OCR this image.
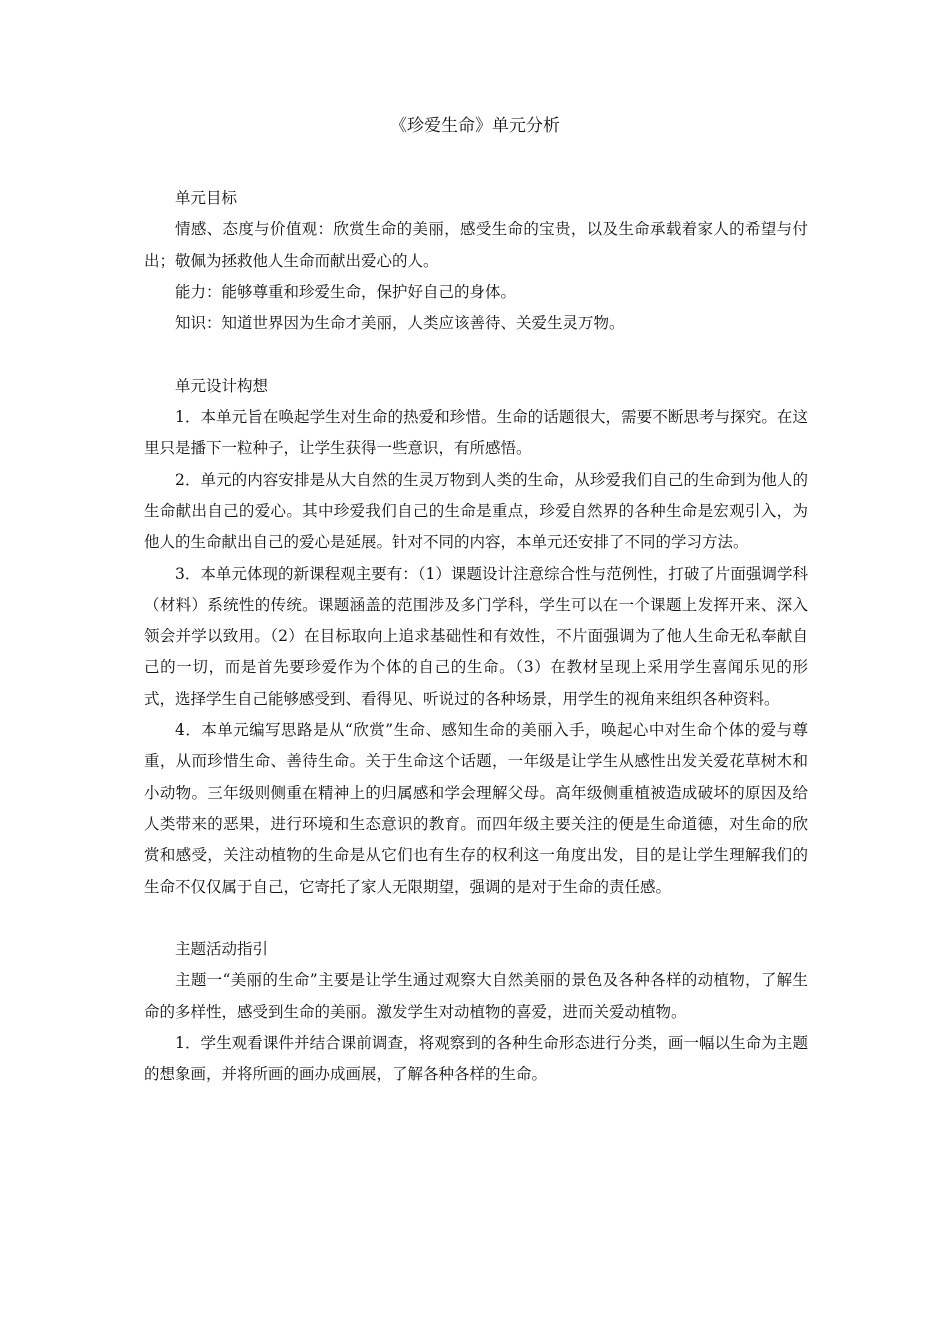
《珍爱生命》单元分析

单元目标

情感、态度与价值观：欣赏生命的美丽，感受生命的宝贵，以及生命承载着家人的希望与付出；敬佩为拯救他人生命而献出爱心的人。

能力：能够尊重和珍爱生命，保护好自己的身体。

知识：知道世界因为生命才美丽，人类应该善待、关爱生灵万物。

单元设计构想

1．本单元旨在唤起学生对生命的热爱和珍惜。生命的话题很大，需要不断思考与探究。在这里只是播下一粒种子，让学生获得一些意识，有所感悟。

2．单元的内容安排是从大自然的生灵万物到人类的生命，从珍爱我们自己的生命到为他人的生命献出自己的爱心。其中珍爱我们自己的生命是重点，珍爱自然界的各种生命是宏观引入，为他人的生命献出自己的爱心是延展。针对不同的内容，本单元还安排了不同的学习方法。

3．本单元体现的新课程观主要有：（1）课题设计注意综合性与范例性，打破了片面强调学科（材料）系统性的传统。课题涵盖的范围涉及多门学科，学生可以在一个课题上发挥开来、深入领会并学以致用。（2）在目标取向上追求基础性和有效性，不片面强调为了他人生命无私奉献自己的一切，而是首先要珍爱作为个体的自己的生命。（3）在教材呈现上采用学生喜闻乐见的形式，选择学生自己能够感受到、看得见、听说过的各种场景，用学生的视角来组织各种资料。

4．本单元编写思路是从“欣赏”生命、感知生命的美丽入手，唤起心中对生命个体的爱与尊重，从而珍惜生命、善待生命。关于生命这个话题，一年级是让学生从感性出发关爱花草树木和小动物。三年级则侧重在精神上的归属感和学会理解父母。高年级侧重植被造成破坏的原因及给人类带来的恶果，进行环境和生态意识的教育。而四年级主要关注的便是生命道德，对生命的欣赏和感受，关注动植物的生命是从它们也有生存的权利这一角度出发，目的是让学生理解我们的生命不仅仅属于自己，它寄托了家人无限期望，强调的是对于生命的责任感。

主题活动指引

主题一“美丽的生命”主要是让学生通过观察大自然美丽的景色及各种各样的动植物，了解生命的多样性，感受到生命的美丽。激发学生对动植物的喜爱，进而关爱动植物。

1．学生观看课件并结合课前调查，将观察到的各种生命形态进行分类，画一幅以生命为主题的想象画，并将所画的画办成画展，了解各种各样的生命。
